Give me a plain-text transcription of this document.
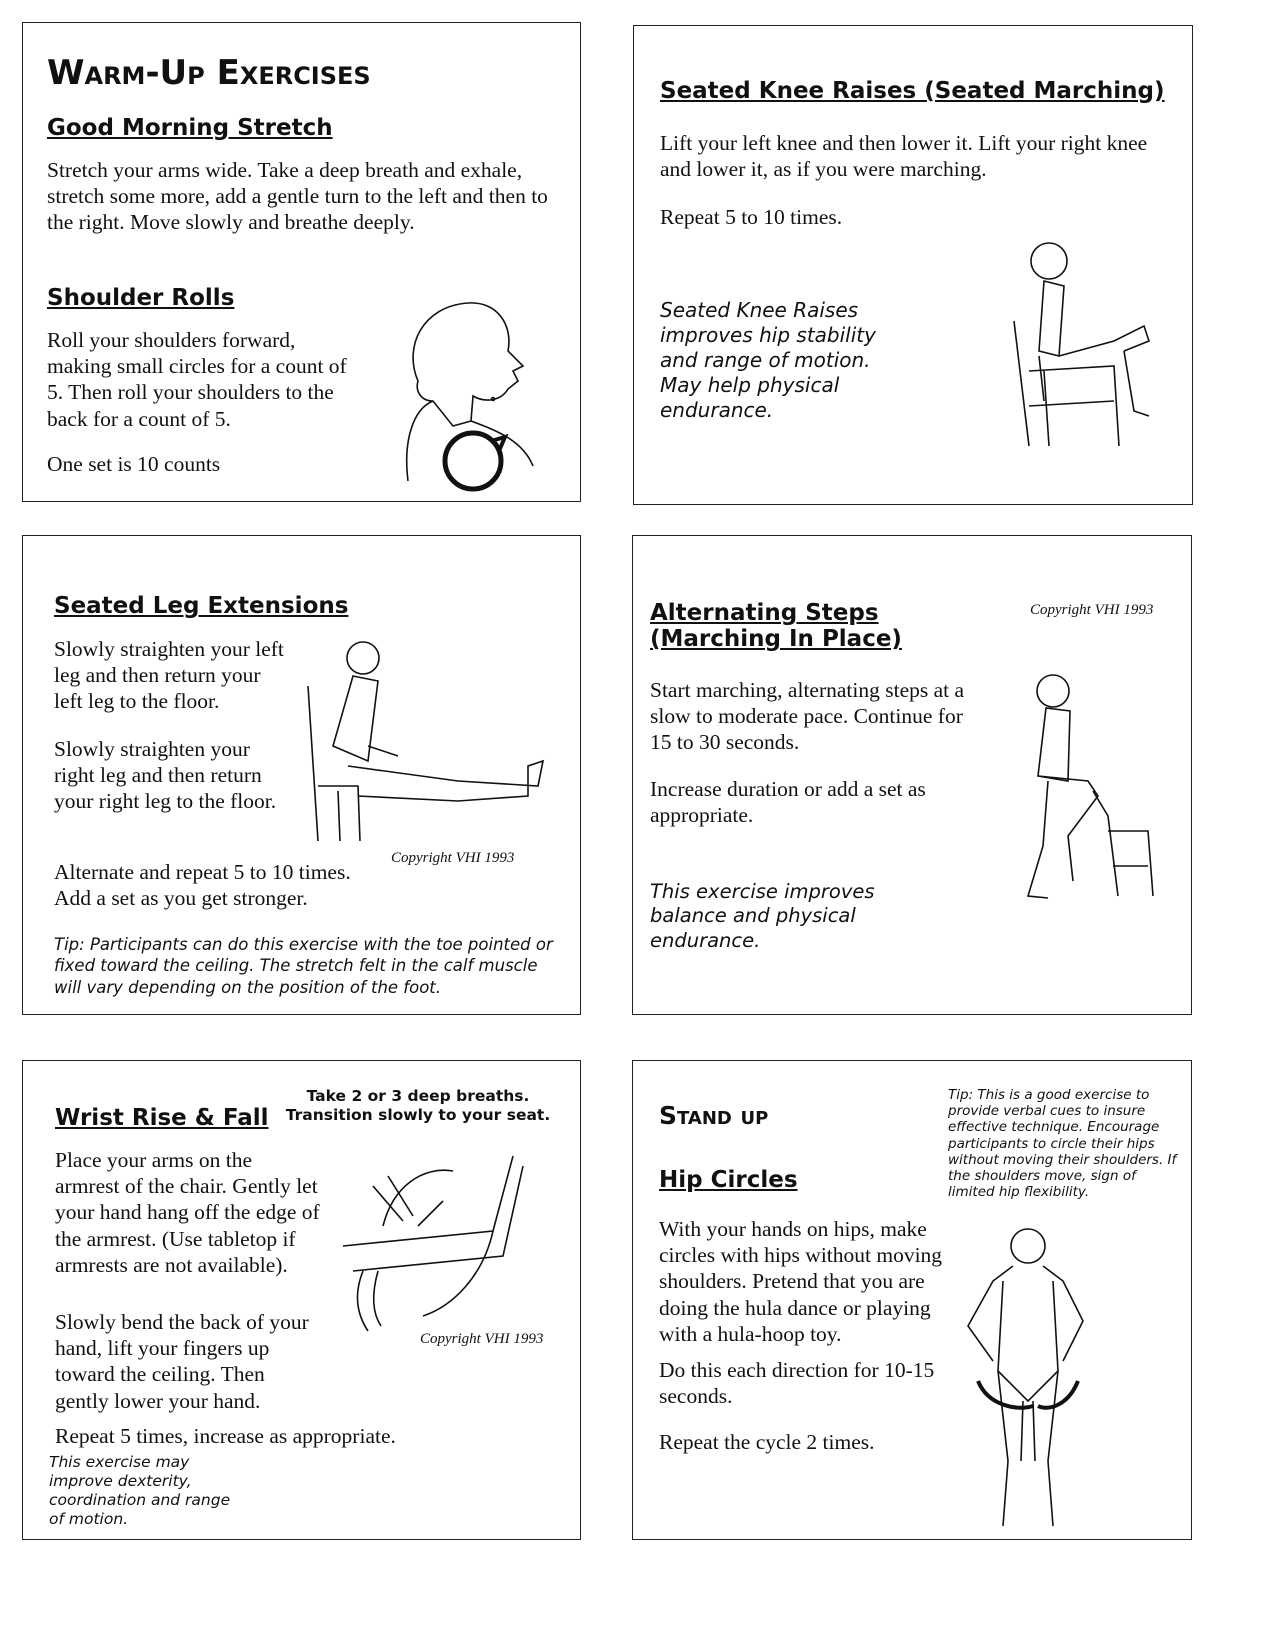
Warm-Up Exercises
Good Morning Stretch

Stretch your arms wide. Take a deep breath and exhale, stretch some more, add a gentle turn to the left and then to the right. Move slowly and breathe deeply.

Shoulder Rolls

Roll your shoulders forward, making small circles for a count of 5. Then roll your shoulders to the back for a count of 5.

One set is 10 counts

Seated Knee Raises (Seated Marching)

Lift your left knee and then lower it. Lift your right knee and lower it, as if you were marching.

Repeat 5 to 10 times.

Seated Knee Raises improves hip stability and range of motion. May help physical endurance.

Seated Leg Extensions

Slowly straighten your left leg and then return your left leg to the floor.

Slowly straighten your right leg and then return your right leg to the floor.

Alternate and repeat 5 to 10 times. Add a set as you get stronger.

Copyright VHI 1993

Tip: Participants can do this exercise with the toe pointed or fixed toward the ceiling. The stretch felt in the calf muscle will vary depending on the position of the foot.

Alternating Steps (Marching In Place)

Copyright VHI 1993

Start marching, alternating steps at a slow to moderate pace. Continue for 15 to 30 seconds.

Increase duration or add a set as appropriate.

This exercise improves balance and physical endurance.

Wrist Rise & Fall

Take 2 or 3 deep breaths. Transition slowly to your seat.

Place your arms on the armrest of the chair. Gently let your hand hang off the edge of the armrest. (Use tabletop if armrests are not available).

Slowly bend the back of your hand, lift your fingers up toward the ceiling. Then gently lower your hand.

Repeat 5 times, increase as appropriate.

Copyright VHI 1993

This exercise may improve dexterity, coordination and range of motion.

Stand up

Tip: This is a good exercise to provide verbal cues to insure effective technique. Encourage participants to circle their hips without moving their shoulders. If the shoulders move, sign of limited hip flexibility.

Hip Circles

With your hands on hips, make circles with hips without moving shoulders. Pretend that you are doing the hula dance or playing with a hula-hoop toy.

Do this each direction for 10-15 seconds.

Repeat the cycle 2 times.
